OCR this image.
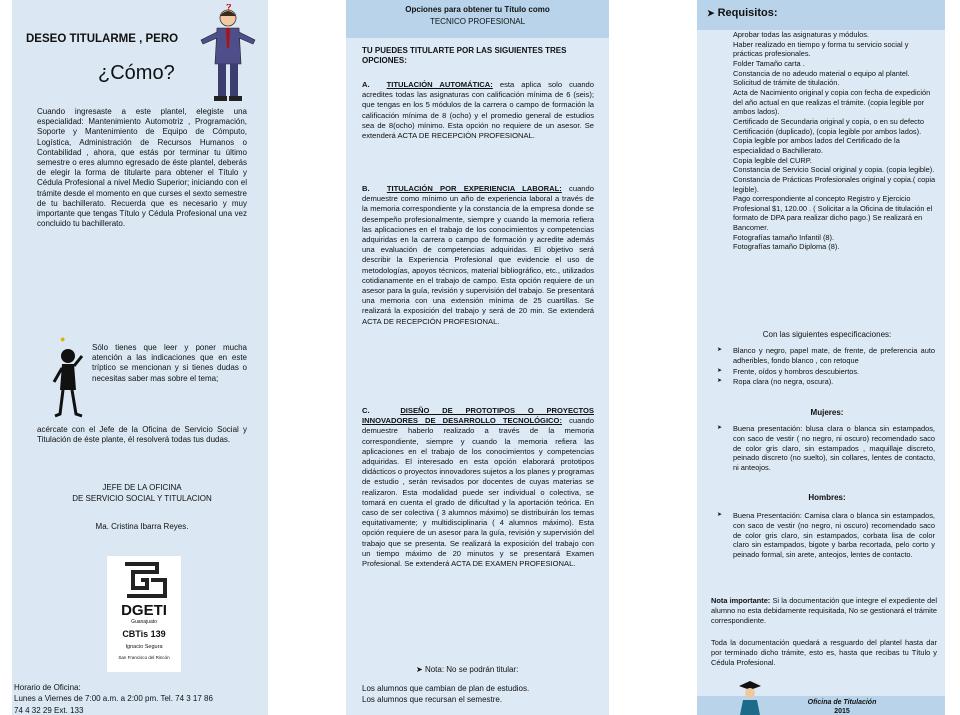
DESEO TITULARME , PERO
?
¿Cómo?
Cuando ingresaste a este plantel, elegiste una especialidad: Mantenimiento Automotriz , Programación, Soporte y Mantenimiento de Equipo de Cómputo, Logística, Administración de Recursos Humanos o Contabilidad , ahora, que estás por terminar tu último semestre o eres alumno egresado de éste plantel, deberás de elegir la forma de titularte para obtener el Título y Cédula Profesional a nivel Medio Superior; iniciando con el trámite desde el momento en que curses el sexto semestre de tu bachillerato. Recuerda que es necesario y muy importante que tengas Título y Cédula Profesional una vez concluido tu bachillerato.
●
Sólo tienes que leer y poner mucha atención a las indicaciones que en este tríptico se mencionan y si tienes dudas o necesitas saber mas sobre el tema;
acércate con el Jefe de la Oficina de Servicio Social y Titulación de éste plante, él resolverá todas tus dudas.
JEFE DE LA OFICINA
DE SERVICIO SOCIAL Y TITULACION
Ma. Cristina Ibarra Reyes.
DGETI
Guanajuato
CBTis 139
Ignacio Segura
San Francisco del Rincón
Horario de Oficina:
Lunes a Viernes de 7:00 a.m. a 2:00 pm. Tel. 74 3 17 86
74 4 32 29 Ext. 133
Opciones para obtener tu Título como
TECNICO PROFESIONAL
TU PUEDES TITULARTE POR LAS SIGUIENTES TRES OPCIONES:
A. TITULACIÓN AUTOMÁTICA: esta aplica solo cuando acredites todas las asignaturas con calificación mínima de 6 (seis); que tengas en los 5 módulos de la carrera o campo de formación la calificación mínima de 8 (ocho) y el promedio general de estudios sea de 8(ocho) mínimo. Esta opción no requiere de un asesor. Se extenderá ACTA DE RECEPCIÓN PROFESIONAL.
B. TITULACIÓN POR EXPERIENCIA LABORAL: cuando demuestre como mínimo un año de experiencia laboral a través de la memoria correspondiente y la constancia de la empresa donde se desempeño profesionalmente, siempre y cuando la memoria refiera las aplicaciones en el trabajo de los conocimientos y competencias adquiridas en la carrera o campo de formación y acredite además una evaluación de competencias adquiridas. El objetivo será describir la Experiencia Profesional que evidencie el uso de metodologías, apoyos técnicos, material bibliográfico, etc., utilizados cotidianamente en el trabajo de campo. Esta opción requiere de un asesor para la guía, revisión y supervisión del trabajo. Se presentará una memoria con una extensión mínima de 25 cuartillas. Se realizará la exposición del trabajo y será de 20 min. Se extenderá ACTA DE RECEPCIÓN PROFESIONAL.
C.	DISEÑO DE PROTOTIPOS O PROYECTOS INNOVADORES DE DESARROLLO TECNOLÓGICO: cuando demuestre haberlo realizado a través de la memoria correspondiente, siempre y cuando la memoria refiera las aplicaciones en el trabajo de los conocimientos y competencias adquiridas. El interesado en esta opción elaborará prototipos didácticos o proyectos innovadores sujetos a los planes y programas de estudio , serán revisados por docentes de cuyas materias se realizaron. Esta modalidad puede ser individual o colectiva, se tomará en cuenta el grado de dificultad y la aportación teórica. En caso de ser colectiva ( 3 alumnos máximo) se distribuirán los temas equitativamente; y multidisciplinaria ( 4 alumnos máximo). Esta opción requiere de un asesor para la guía, revisión y supervisión del trabajo que se presenta. Se realizará la exposición del trabajo con un tiempo máximo de 20 minutos y se presentará Examen Profesional. Se extenderá ACTA DE EXAMEN PROFESIONAL.
➤ Nota: No se podrán titular:
Los alumnos que cambian de plan de estudios.
Los alumnos que recursan el semestre.
➤ Requisitos:
Aprobar todas las asignaturas y módulos.
Haber realizado en tiempo y forma tu servicio social y prácticas profesionales.
Folder Tamaño carta .
Constancia de no adeudo material o equipo al plantel.
Solicitud de trámite de titulación.
Acta de Nacimiento original y copia con fecha de expedición del año actual en que realizas el trámite. (copia legible por ambos lados).
Certificado de Secundaria original y copia, o en su defecto Certificación (duplicado), (copia legible por ambos lados).
Copia legible por ambos lados del Certificado de la especialidad o Bachillerato.
Copia legible del CURP.
Constancia de Servicio Social original y copia. (copia legible).
Constancia de Prácticas Profesionales original y copia.( copia legible).
Pago correspondiente al concepto Registro y Ejercicio Profesional $1, 120.00 . ( Solicitar a la Oficina de titulación el formato de DPA para realizar dicho pago.) Se realizará en Bancomer.
Fotografías tamaño Infantil (8).
Fotografías tamaño Diploma (8).
Con las siguientes especificaciones:
➤ Blanco y negro, papel mate, de frente, de preferencia auto adheribles, fondo blanco , con retoque
➤ Frente, oídos y hombros descubiertos.
➤ Ropa clara (no negra, oscura).
Mujeres:
➤ Buena presentación: blusa clara o blanca sin estampados, con saco de vestir ( no negro, ni oscuro) recomendado saco de color gris claro, sin estampados , maquillaje discreto, peinado discreto (no suelto), sin collares, lentes de contacto, ni anteojos.
Hombres:
➤ Buena Presentación: Camisa clara o blanca sin estampados, con saco de vestir (no negro, ni oscuro) recomendado saco de color gris claro, sin estampados, corbata lisa de color claro sin estampados, bigote y barba recortada, pelo corto y peinado formal, sin arete, anteojos, lentes de contacto.
Nota importante: Si la documentación que integre el expediente del alumno no esta debidamente requisitada, No se gestionará el trámite correspondiente.
Toda la documentación quedará a resguardo del plantel hasta dar por terminado dicho trámite, esto es, hasta que recibas tu Título y Cédula Profesional.
Oficina de Titulación
2015
